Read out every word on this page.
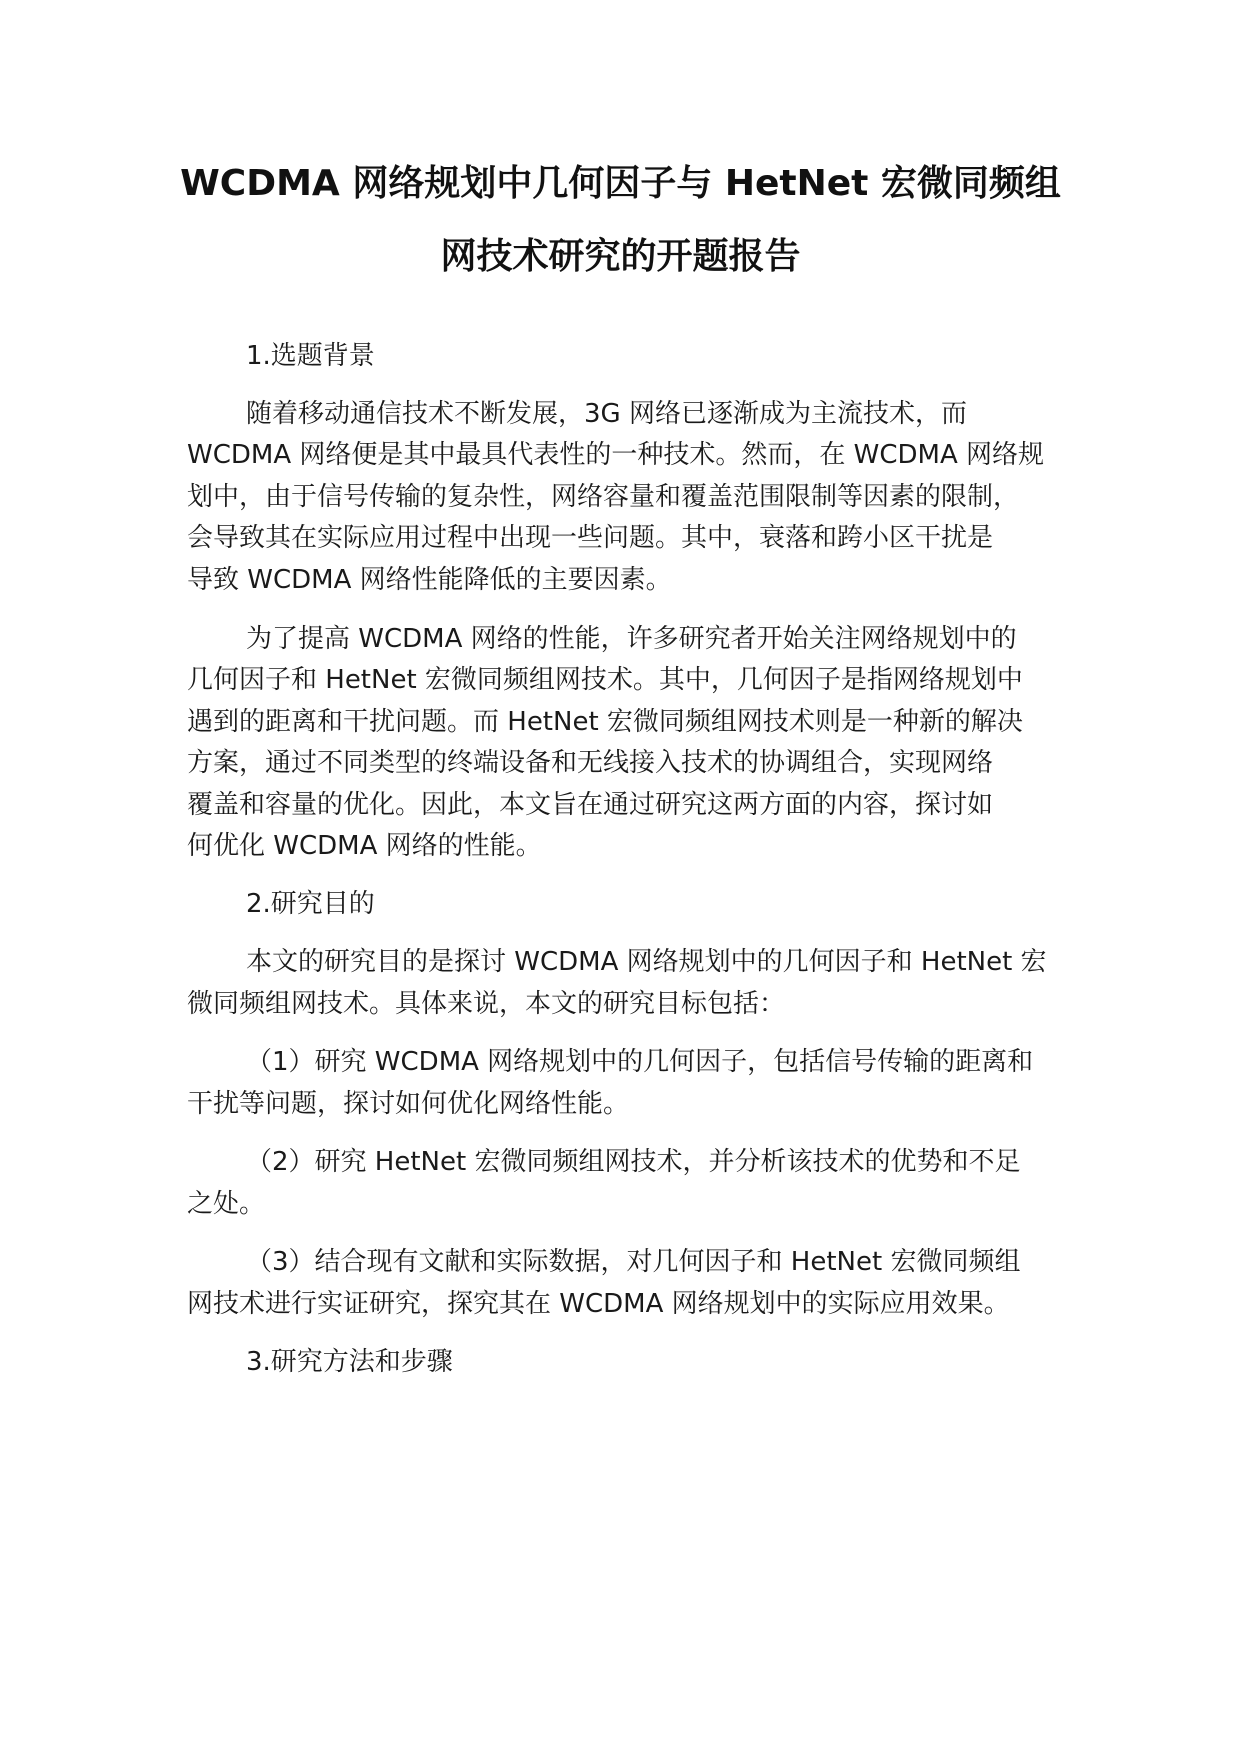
WCDMA 网络规划中几何因子与 HetNet 宏微同频组
网技术研究的开题报告
1.选题背景
随着移动通信技术不断发展，3G 网络已逐渐成为主流技术，而
WCDMA 网络便是其中最具代表性的一种技术。然而，在 WCDMA 网络规
划中，由于信号传输的复杂性，网络容量和覆盖范围限制等因素的限制，
会导致其在实际应用过程中出现一些问题。其中，衰落和跨小区干扰是
导致 WCDMA 网络性能降低的主要因素。
为了提高 WCDMA 网络的性能，许多研究者开始关注网络规划中的
几何因子和 HetNet 宏微同频组网技术。其中，几何因子是指网络规划中
遇到的距离和干扰问题。而 HetNet 宏微同频组网技术则是一种新的解决
方案，通过不同类型的终端设备和无线接入技术的协调组合，实现网络
覆盖和容量的优化。因此，本文旨在通过研究这两方面的内容，探讨如
何优化 WCDMA 网络的性能。
2.研究目的
本文的研究目的是探讨 WCDMA 网络规划中的几何因子和 HetNet 宏
微同频组网技术。具体来说，本文的研究目标包括：
（1）研究 WCDMA 网络规划中的几何因子，包括信号传输的距离和
干扰等问题，探讨如何优化网络性能。
（2）研究 HetNet 宏微同频组网技术，并分析该技术的优势和不足
之处。
（3）结合现有文献和实际数据，对几何因子和 HetNet 宏微同频组
网技术进行实证研究，探究其在 WCDMA 网络规划中的实际应用效果。
3.研究方法和步骤
